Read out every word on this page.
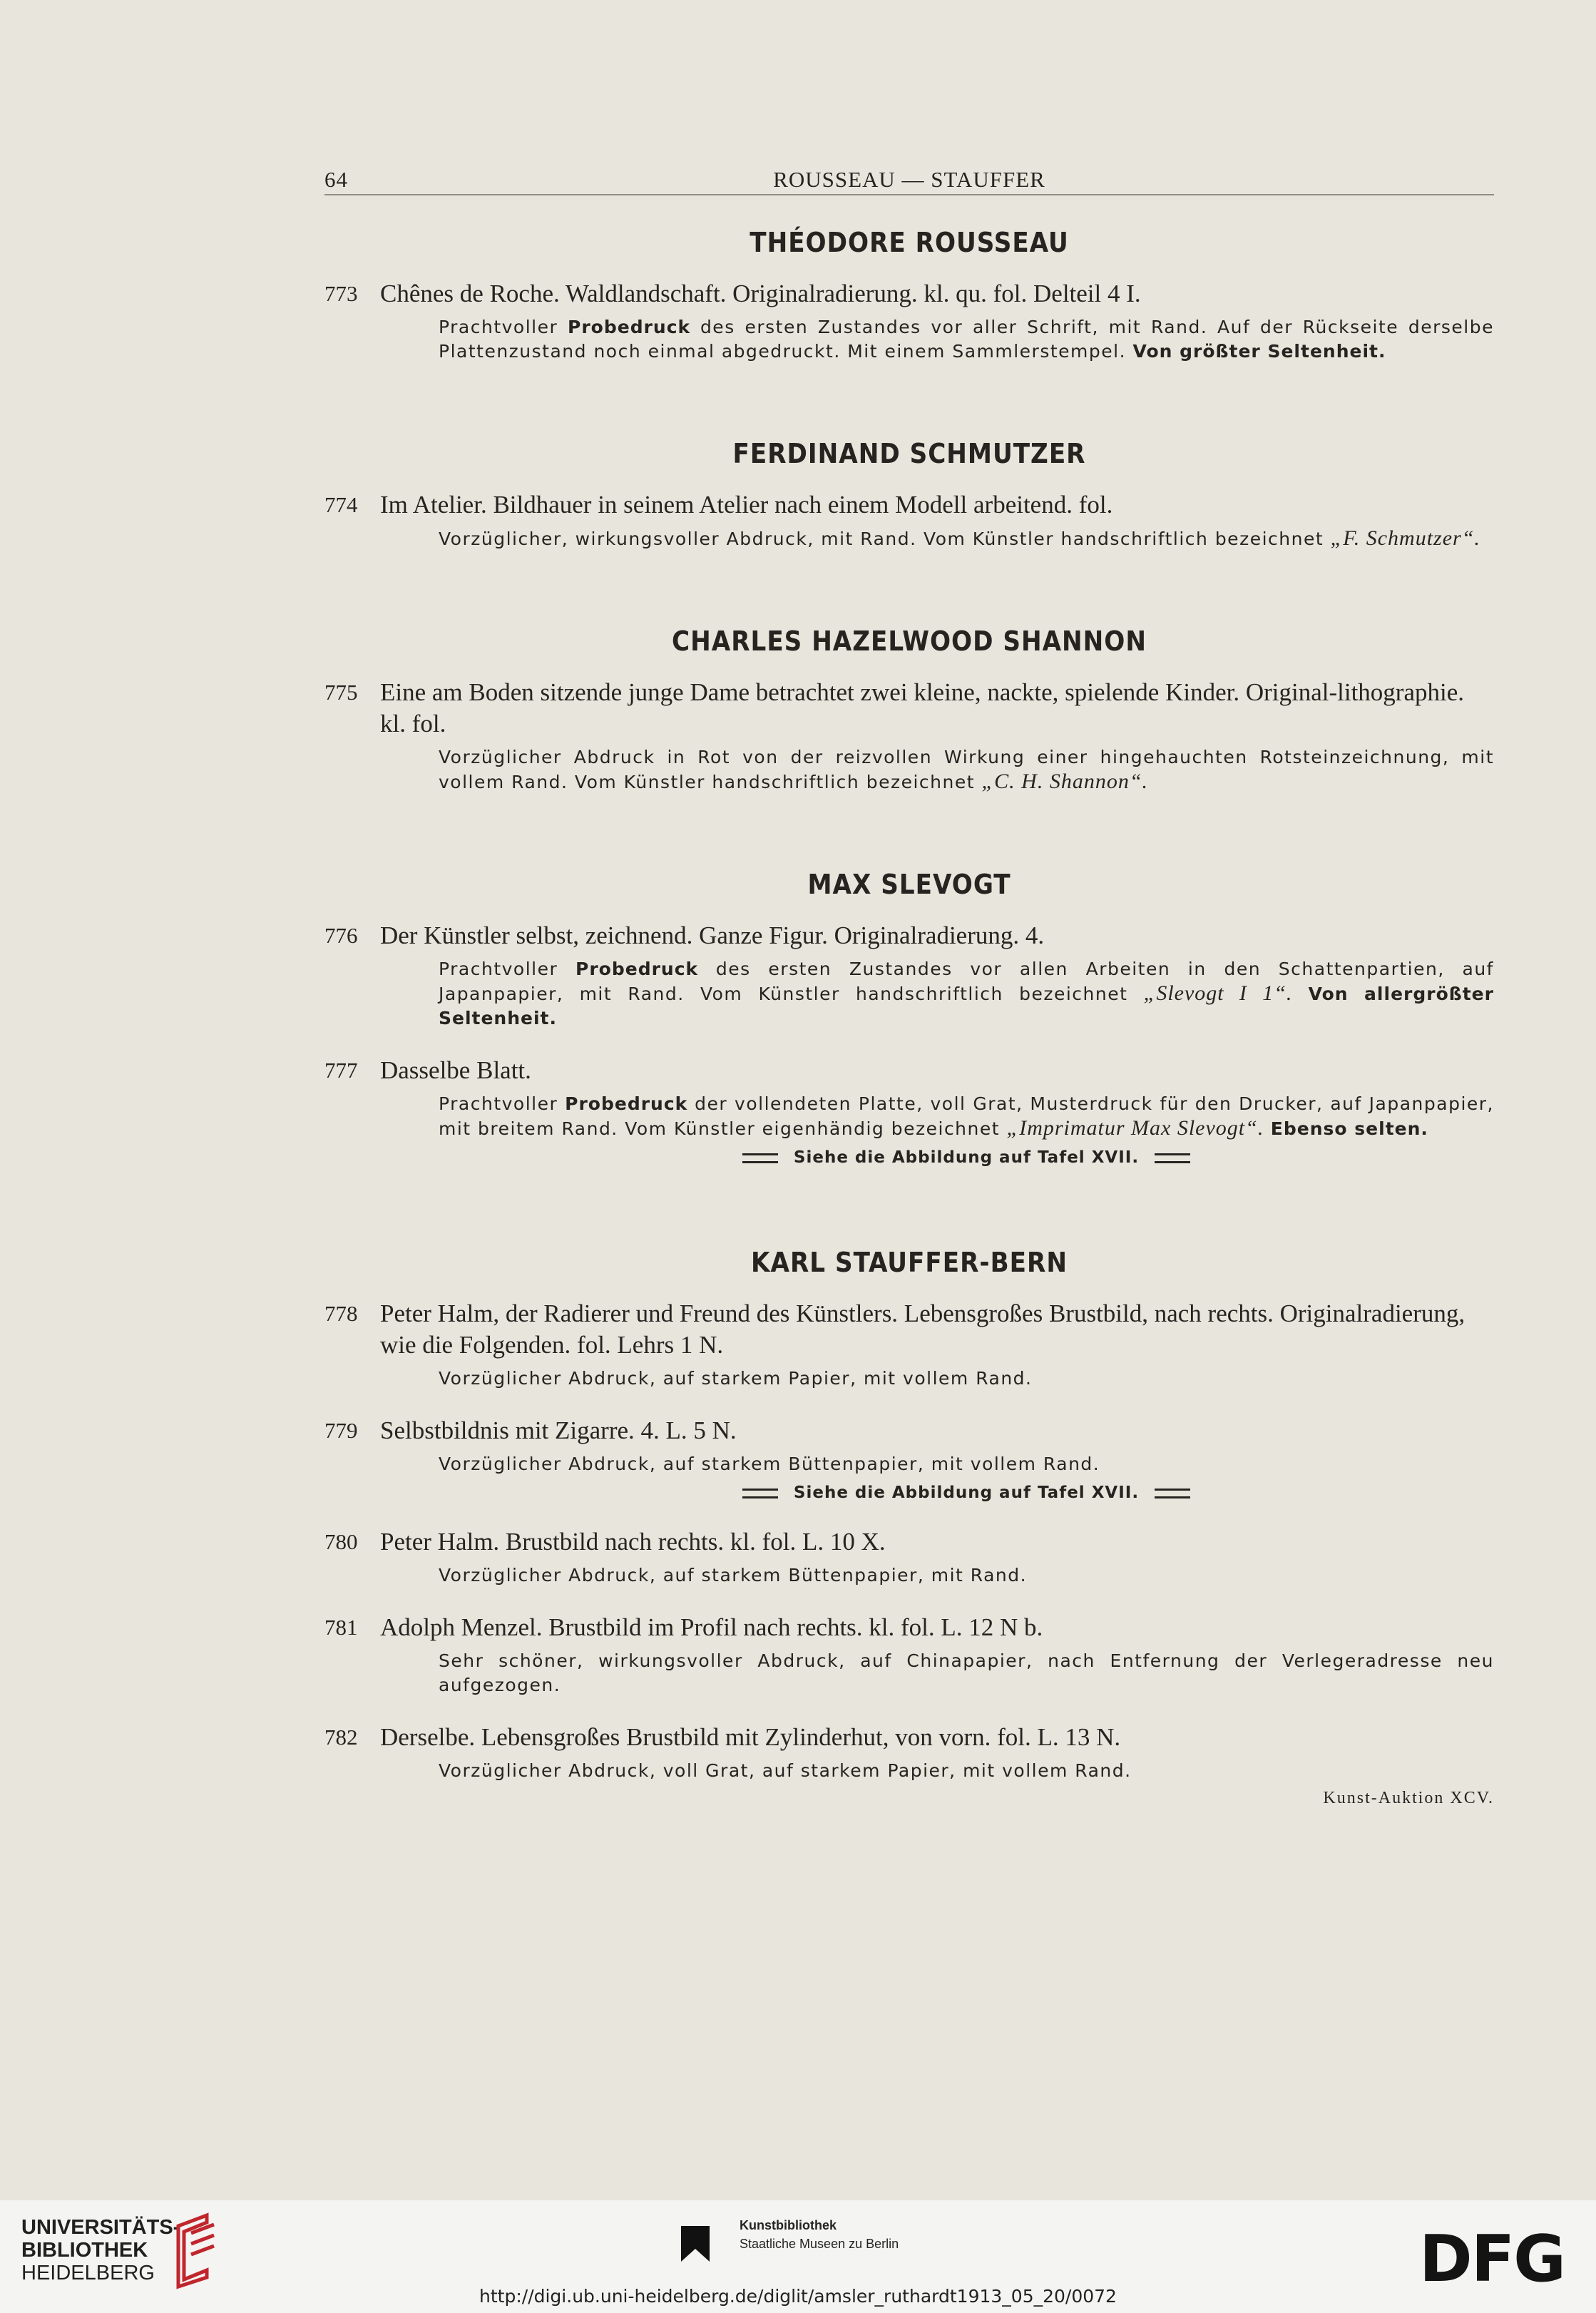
64	ROUSSEAU — STAUFFER
THÉODORE ROUSSEAU
773 Chênes de Roche. Waldlandschaft. Originalradierung. kl. qu. fol. Delteil 4 I.
Prachtvoller Probedruck des ersten Zustandes vor aller Schrift, mit Rand. Auf der Rückseite derselbe Plattenzustand noch einmal abgedruckt. Mit einem Sammlerstempel. Von größter Seltenheit.
FERDINAND SCHMUTZER
774 Im Atelier. Bildhauer in seinem Atelier nach einem Modell arbeitend. fol.
Vorzüglicher, wirkungsvoller Abdruck, mit Rand. Vom Künstler handschriftlich bezeichnet „F. Schmutzer“.
CHARLES HAZELWOOD SHANNON
775 Eine am Boden sitzende junge Dame betrachtet zwei kleine, nackte, spielende Kinder. Original-lithographie. kl. fol.
Vorzüglicher Abdruck in Rot von der reizvollen Wirkung einer hingehauchten Rotsteinzeichnung, mit vollem Rand. Vom Künstler handschriftlich bezeichnet „C. H. Shannon“.
MAX SLEVOGT
776 Der Künstler selbst, zeichnend. Ganze Figur. Originalradierung. 4.
Prachtvoller Probedruck des ersten Zustandes vor allen Arbeiten in den Schattenpartien, auf Japanpapier, mit Rand. Vom Künstler handschriftlich bezeichnet „Slevogt I 1“. Von allergrößter Seltenheit.
777 Dasselbe Blatt.
Prachtvoller Probedruck der vollendeten Platte, voll Grat, Musterdruck für den Drucker, auf Japanpapier, mit breitem Rand. Vom Künstler eigenhändig bezeichnet „Imprimatur Max Slevogt“. Ebenso selten.
Siehe die Abbildung auf Tafel XVII.
KARL STAUFFER-BERN
778 Peter Halm, der Radierer und Freund des Künstlers. Lebensgroßes Brustbild, nach rechts. Originalradierung, wie die Folgenden. fol. Lehrs 1 N.
Vorzüglicher Abdruck, auf starkem Papier, mit vollem Rand.
779 Selbstbildnis mit Zigarre. 4. L. 5 N.
Vorzüglicher Abdruck, auf starkem Büttenpapier, mit vollem Rand.
Siehe die Abbildung auf Tafel XVII.
780 Peter Halm. Brustbild nach rechts. kl. fol. L. 10 X.
Vorzüglicher Abdruck, auf starkem Büttenpapier, mit Rand.
781 Adolph Menzel. Brustbild im Profil nach rechts. kl. fol. L. 12 N b.
Sehr schöner, wirkungsvoller Abdruck, auf Chinapapier, nach Entfernung der Verlegeradresse neu aufgezogen.
782 Derselbe. Lebensgroßes Brustbild mit Zylinderhut, von vorn. fol. L. 13 N.
Vorzüglicher Abdruck, voll Grat, auf starkem Papier, mit vollem Rand.
Kunst-Auktion XCV.
UNIVERSITÄTS-
BIBLIOTHEK
HEIDELBERG
Kunstbibliothek
Staatliche Museen zu Berlin	DFG
http://digi.ub.uni-heidelberg.de/diglit/amsler_ruthardt1913_05_20/0072
